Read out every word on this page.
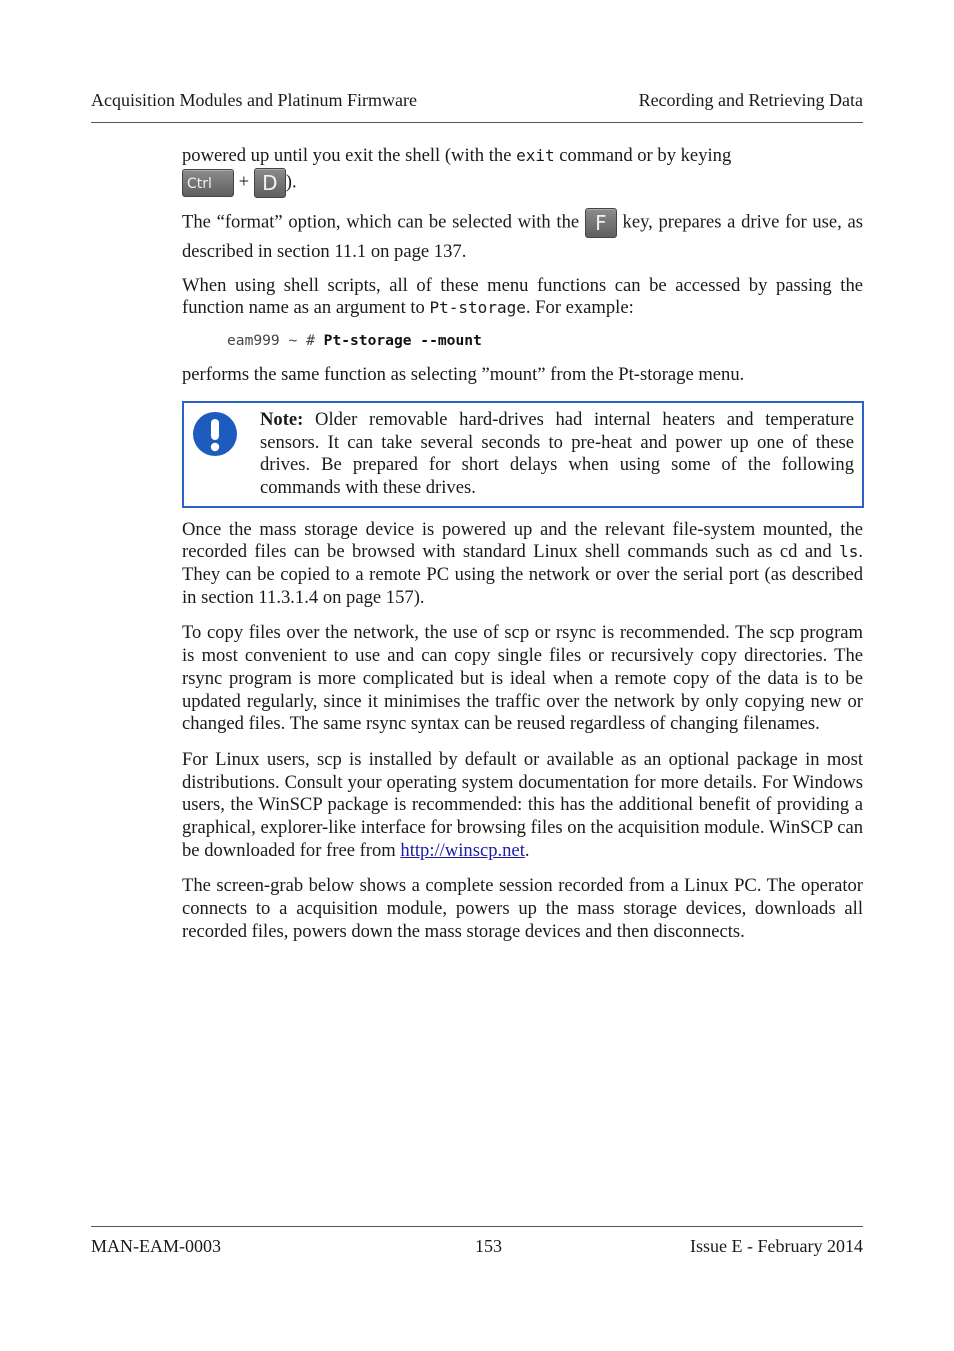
Acquisition Modules and Platinum Firmware	Recording and Retrieving Data

powered up until you exit the shell (with the exit command or by keying
Ctrl + D ).

The “format” option, which can be selected with the F key, prepares a drive for use, as described in section 11.1 on page 137.

When using shell scripts, all of these menu functions can be accessed by passing the function name as an argument to Pt-storage. For example:

eam999 ~ # Pt-storage --mount

performs the same function as selecting ”mount” from the Pt-storage menu.

Note: Older removable hard-drives had internal heaters and temperature sensors. It can take several seconds to pre-heat and power up one of these drives. Be prepared for short delays when using some of the following commands with these drives.

Once the mass storage device is powered up and the relevant file-system mounted, the recorded files can be browsed with standard Linux shell commands such as cd and ls. They can be copied to a remote PC using the network or over the serial port (as described in section 11.3.1.4 on page 157).

To copy files over the network, the use of scp or rsync is recommended. The scp program is most convenient to use and can copy single files or recursively copy directories. The rsync program is more complicated but is ideal when a remote copy of the data is to be updated regularly, since it minimises the traffic over the network by only copying new or changed files. The same rsync syntax can be reused regardless of changing filenames.

For Linux users, scp is installed by default or available as an optional package in most distributions. Consult your operating system documentation for more details. For Windows users, the WinSCP package is recommended: this has the additional benefit of providing a graphical, explorer-like interface for browsing files on the acquisition module. WinSCP can be downloaded for free from http://winscp.net.

The screen-grab below shows a complete session recorded from a Linux PC. The operator connects to a acquisition module, powers up the mass storage devices, downloads all recorded files, powers down the mass storage devices and then disconnects.

MAN-EAM-0003	153	Issue E - February 2014
